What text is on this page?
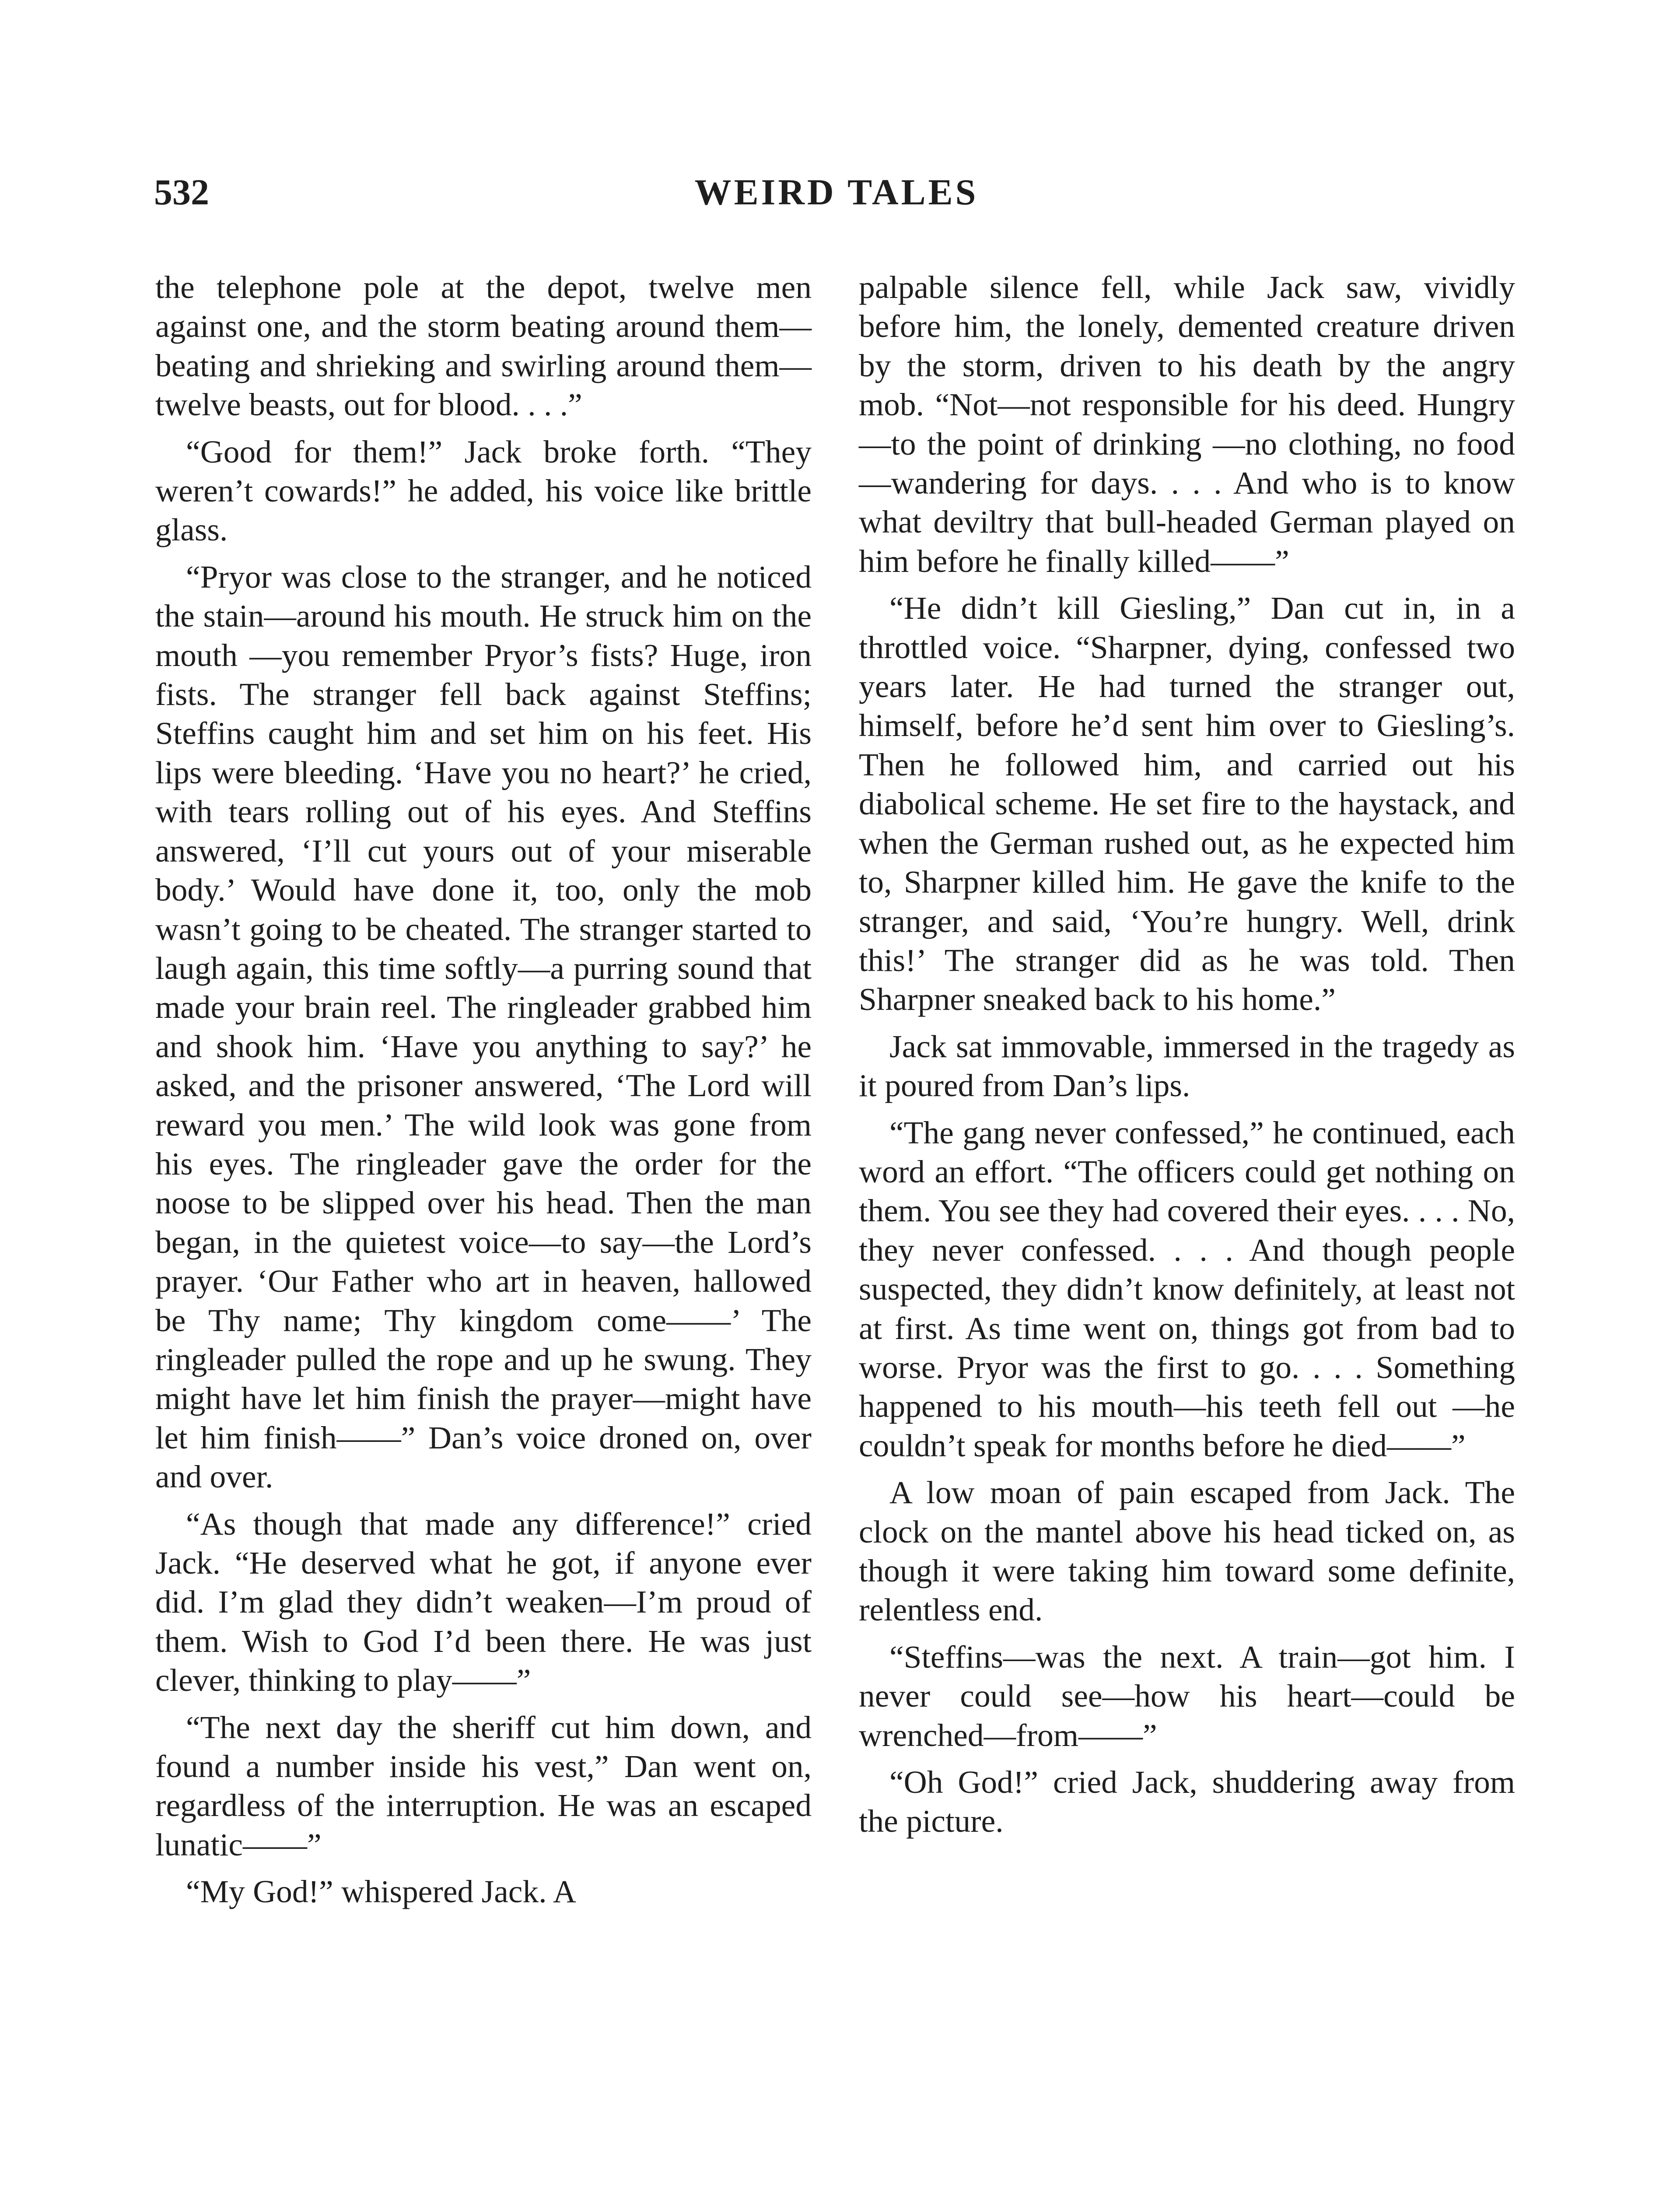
532	WEIRD TALES

the telephone pole at the depot, twelve men against one, and the storm beating around them—beating and shrieking and swirling around them—twelve beasts, out for blood. . . .”

“Good for them!” Jack broke forth. “They weren’t cowards!” he added, his voice like brittle glass.

“Pryor was close to the stranger, and he noticed the stain—around his mouth. He struck him on the mouth —you remember Pryor’s fists? Huge, iron fists. The stranger fell back against Steffins; Steffins caught him and set him on his feet. His lips were bleeding. ‘Have you no heart?’ he cried, with tears rolling out of his eyes. And Steffins answered, ‘I’ll cut yours out of your miserable body.’ Would have done it, too, only the mob wasn’t going to be cheated. The stranger started to laugh again, this time softly—a purring sound that made your brain reel. The ringleader grabbed him and shook him. ‘Have you anything to say?’ he asked, and the prisoner answered, ‘The Lord will reward you men.’ The wild look was gone from his eyes. The ringleader gave the order for the noose to be slipped over his head. Then the man began, in the quietest voice—to say—the Lord’s prayer. ‘Our Father who art in heaven, hallowed be Thy name; Thy kingdom come——’ The ringleader pulled the rope and up he swung. They might have let him finish the prayer—might have let him finish——” Dan’s voice droned on, over and over.

“As though that made any difference!” cried Jack. “He deserved what he got, if anyone ever did. I’m glad they didn’t weaken—I’m proud of them. Wish to God I’d been there. He was just clever, thinking to play——”

“The next day the sheriff cut him down, and found a number inside his vest,” Dan went on, regardless of the interruption. He was an escaped lunatic——”

“My God!” whispered Jack. A

palpable silence fell, while Jack saw, vividly before him, the lonely, demented creature driven by the storm, driven to his death by the angry mob. “Not—not responsible for his deed. Hungry—to the point of drinking —no clothing, no food—wandering for days. . . . And who is to know what deviltry that bull-headed German played on him before he finally killed——”

“He didn’t kill Giesling,” Dan cut in, in a throttled voice. “Sharpner, dying, confessed two years later. He had turned the stranger out, himself, before he’d sent him over to Giesling’s. Then he followed him, and carried out his diabolical scheme. He set fire to the haystack, and when the German rushed out, as he expected him to, Sharpner killed him. He gave the knife to the stranger, and said, ‘You’re hungry. Well, drink this!’ The stranger did as he was told. Then Sharpner sneaked back to his home.”

Jack sat immovable, immersed in the tragedy as it poured from Dan’s lips.

“The gang never confessed,” he continued, each word an effort. “The officers could get nothing on them. You see they had covered their eyes. . . . No, they never confessed. . . . And though people suspected, they didn’t know definitely, at least not at first. As time went on, things got from bad to worse. Pryor was the first to go. . . . Something happened to his mouth—his teeth fell out —he couldn’t speak for months before he died——”

A low moan of pain escaped from Jack. The clock on the mantel above his head ticked on, as though it were taking him toward some definite, relentless end.

“Steffins—was the next. A train—got him. I never could see—how his heart—could be wrenched—from——”

“Oh God!” cried Jack, shuddering away from the picture.
